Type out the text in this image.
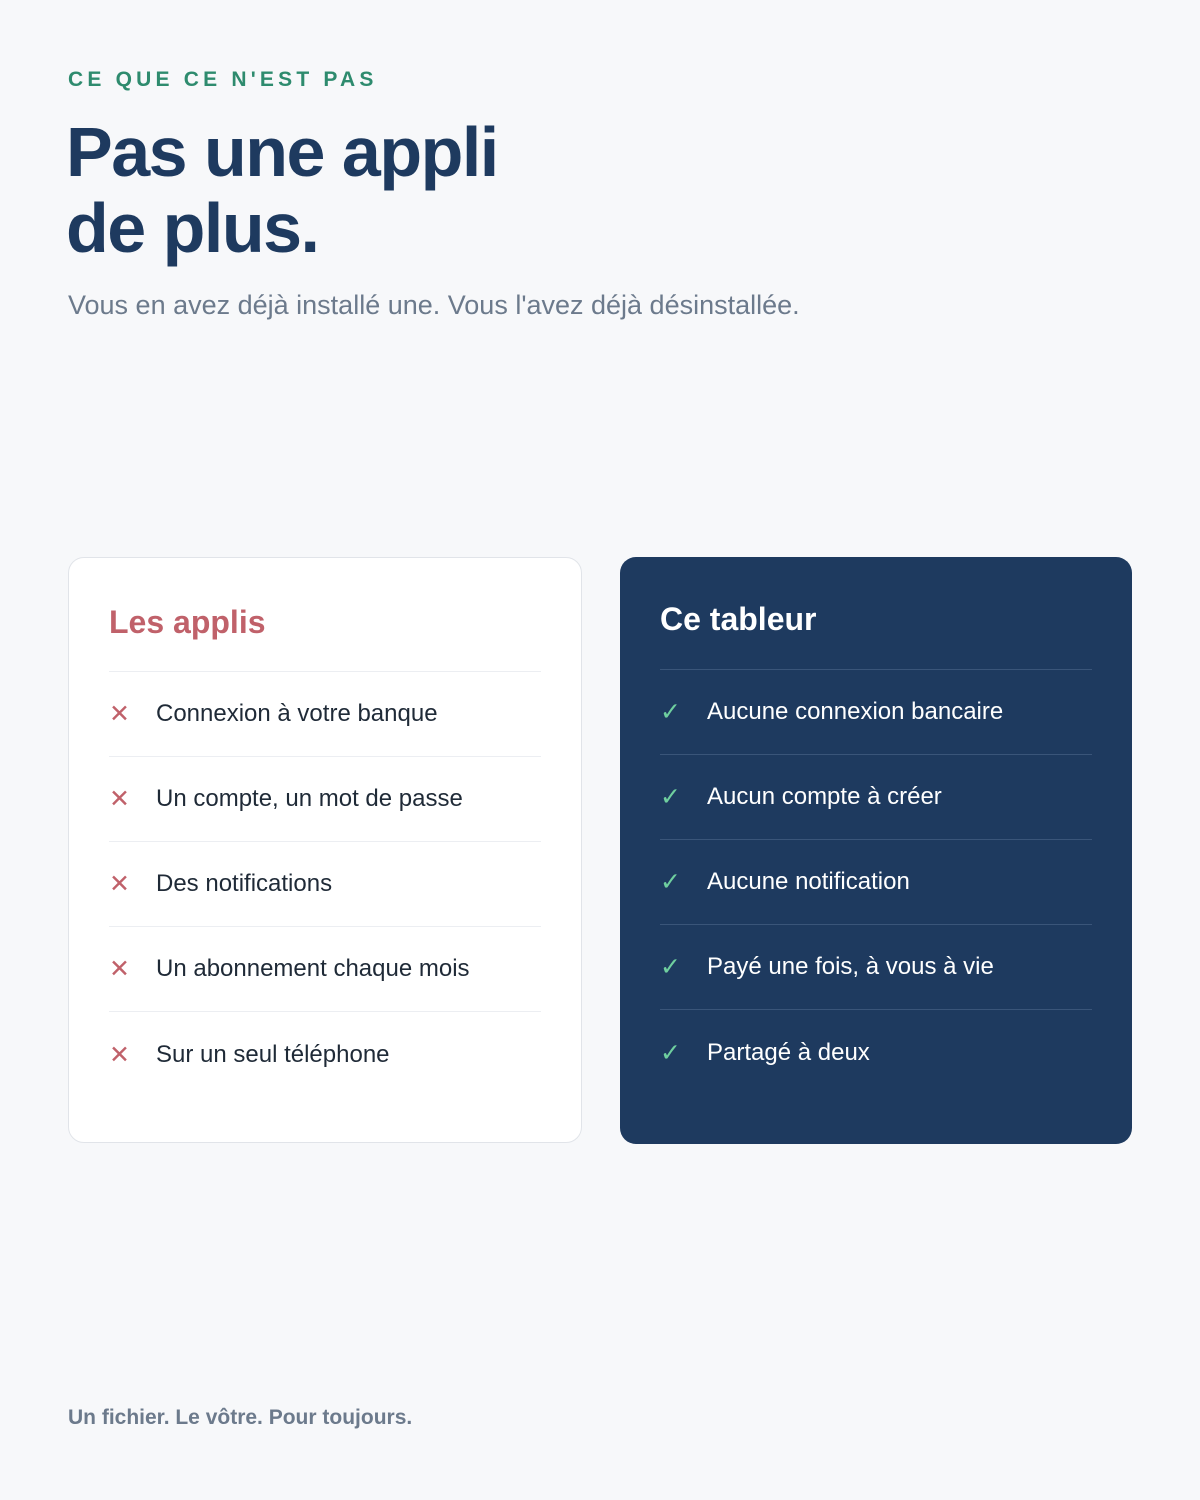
CE QUE CE N'EST PAS
Pas une appli
de plus.

Vous en avez déjà installé une. Vous l'avez déjà désinstallée.

Les applis
✕	Connexion à votre banque
✕	Un compte, un mot de passe
✕	Des notifications
✕	Un abonnement chaque mois
✕	Sur un seul téléphone
Ce tableur
✓	Aucune connexion bancaire
✓	Aucun compte à créer
✓	Aucune notification
✓	Payé une fois, à vous à vie
✓	Partagé à deux

Un fichier. Le vôtre. Pour toujours.
